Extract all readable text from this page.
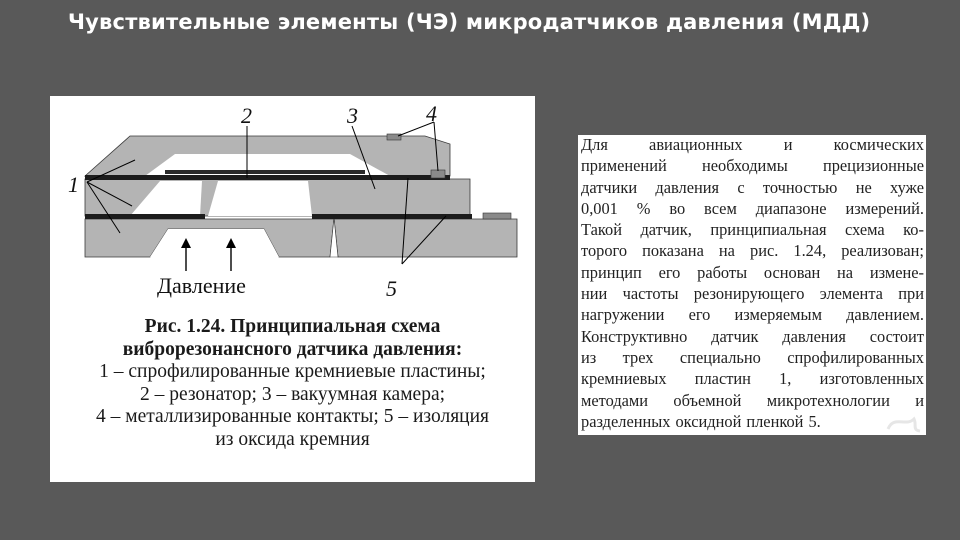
Чувствительные элементы (ЧЭ) микродатчиков давления (МДД)
1
2	3	4
5
Давление
Рис. 1.24. Принципиальная схема
виброрезонансного датчика давления:
1 – спрофилированные кремниевые пластины;
2 – резонатор; 3 – вакуумная камера;
4 – металлизированные контакты; 5 – изоляция
из оксида кремния
Для	авиационных	и	космических
применений необходимы прецизионные
датчики давления с точностью не хуже
0,001 % во всем диапазоне измерений.
Такой датчик, принципиальная схема ко-
торого показана на рис. 1.24, реализован;
принцип его работы основан на измене-
нии частоты резонирующего элемента при
нагружении его измеряемым давлением.
Конструктивно датчик давления состоит
из трех специально спрофилированных
кремниевых пластин 1, изготовленных
методами объемной микротехнологии и
разделенных оксидной пленкой 5.
